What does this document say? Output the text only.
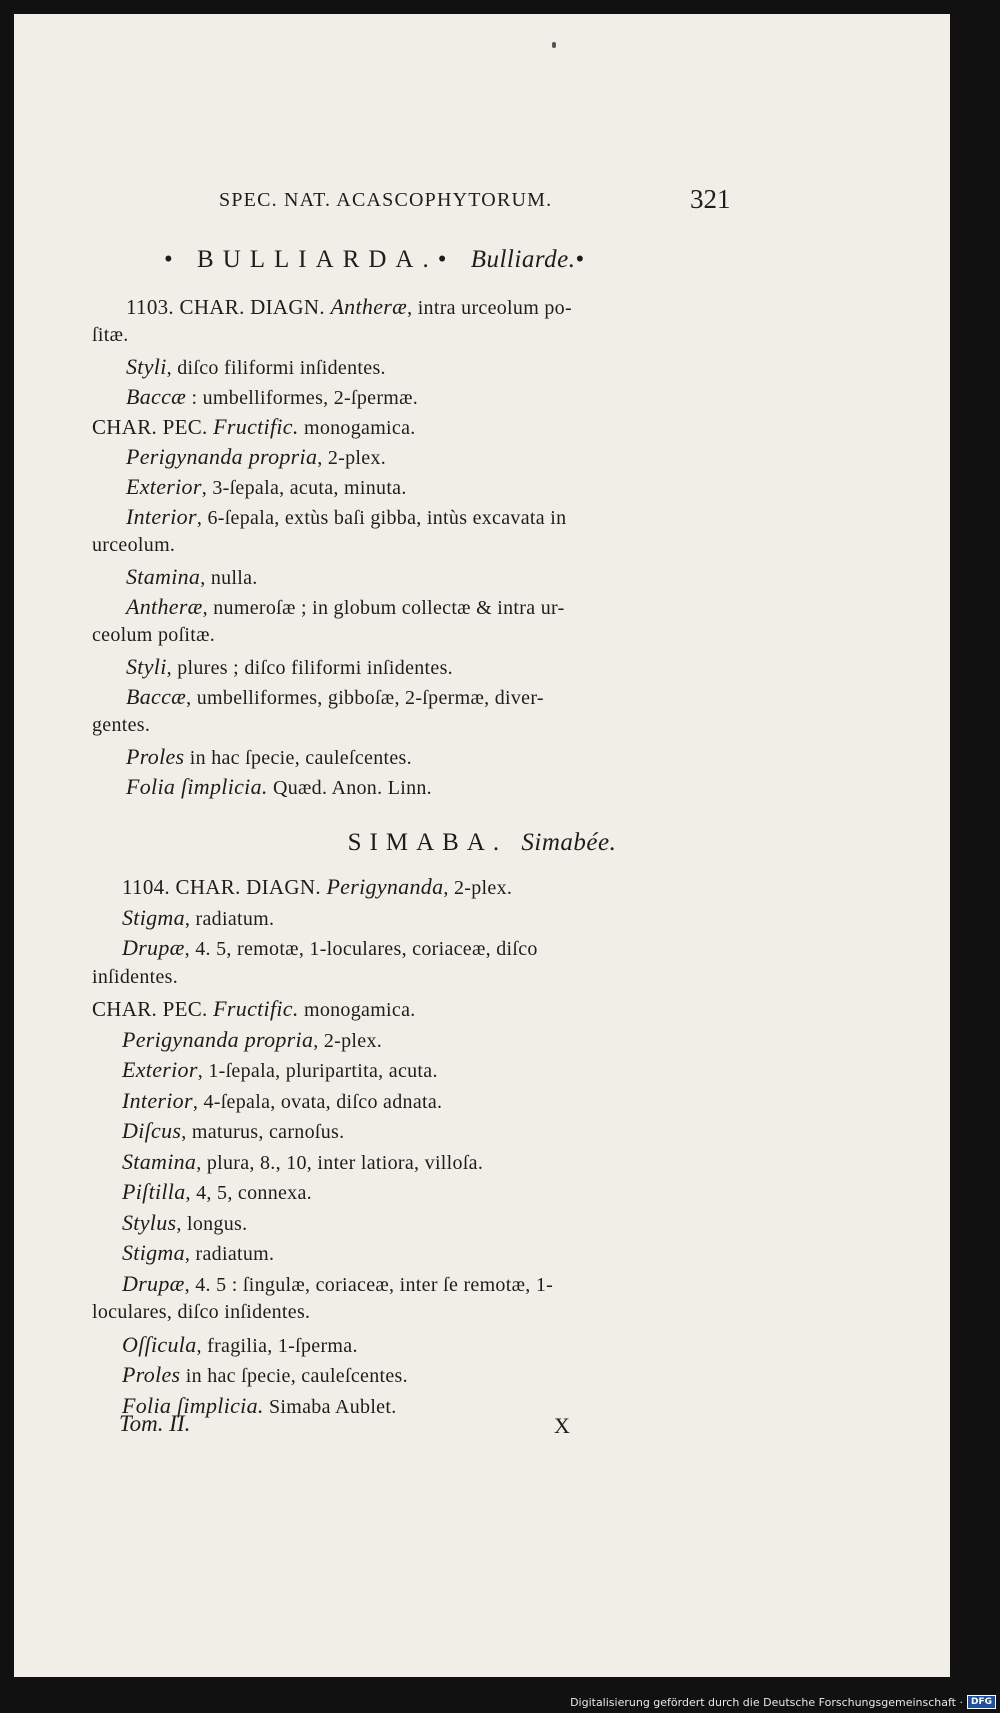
SPEC. NAT. ACASCOPHYTORUM.	321
• BULLIARDA.• Bulliarde.•
1103. CHAR. DIAGN. Antheræ, intra urceolum po-
ſitæ.
Styli, diſco filiformi inſidentes.
Baccæ : umbelliformes, 2-ſpermæ.
CHAR. PEC. Fructific. monogamica.
Perigynanda propria, 2-plex.
Exterior, 3-ſepala, acuta, minuta.
Interior, 6-ſepala, extùs baſi gibba, intùs excavata in
urceolum.
Stamina, nulla.
Antheræ, numeroſæ ; in globum collectæ & intra ur-
ceolum poſitæ.
Styli, plures ; diſco filiformi inſidentes.
Baccæ, umbelliformes, gibboſæ, 2-ſpermæ, diver-
gentes.
Proles in hac ſpecie, cauleſcentes.
Folia ſimplicia. Quæd. Anon. Linn.
SIMABA. Simabée.
1104. CHAR. DIAGN. Perigynanda, 2-plex.
Stigma, radiatum.
Drupæ, 4. 5, remotæ, 1-loculares, coriaceæ, diſco
inſidentes.
CHAR. PEC. Fructific. monogamica.
Perigynanda propria, 2-plex.
Exterior, 1-ſepala, pluripartita, acuta.
Interior, 4-ſepala, ovata, diſco adnata.
Diſcus, maturus, carnoſus.
Stamina, plura, 8., 10, inter latiora, villoſa.
Piſtilla, 4, 5, connexa.
Stylus, longus.
Stigma, radiatum.
Drupæ, 4. 5 : ſingulæ, coriaceæ, inter ſe remotæ, 1-
loculares, diſco inſidentes.
Oſſicula, fragilia, 1-ſperma.
Proles in hac ſpecie, cauleſcentes.
Folia ſimplicia. Simaba Aublet.
Tom. II.	X
Digitalisierung gefördert durch die Deutsche Forschungsgemeinschaft · DFG
